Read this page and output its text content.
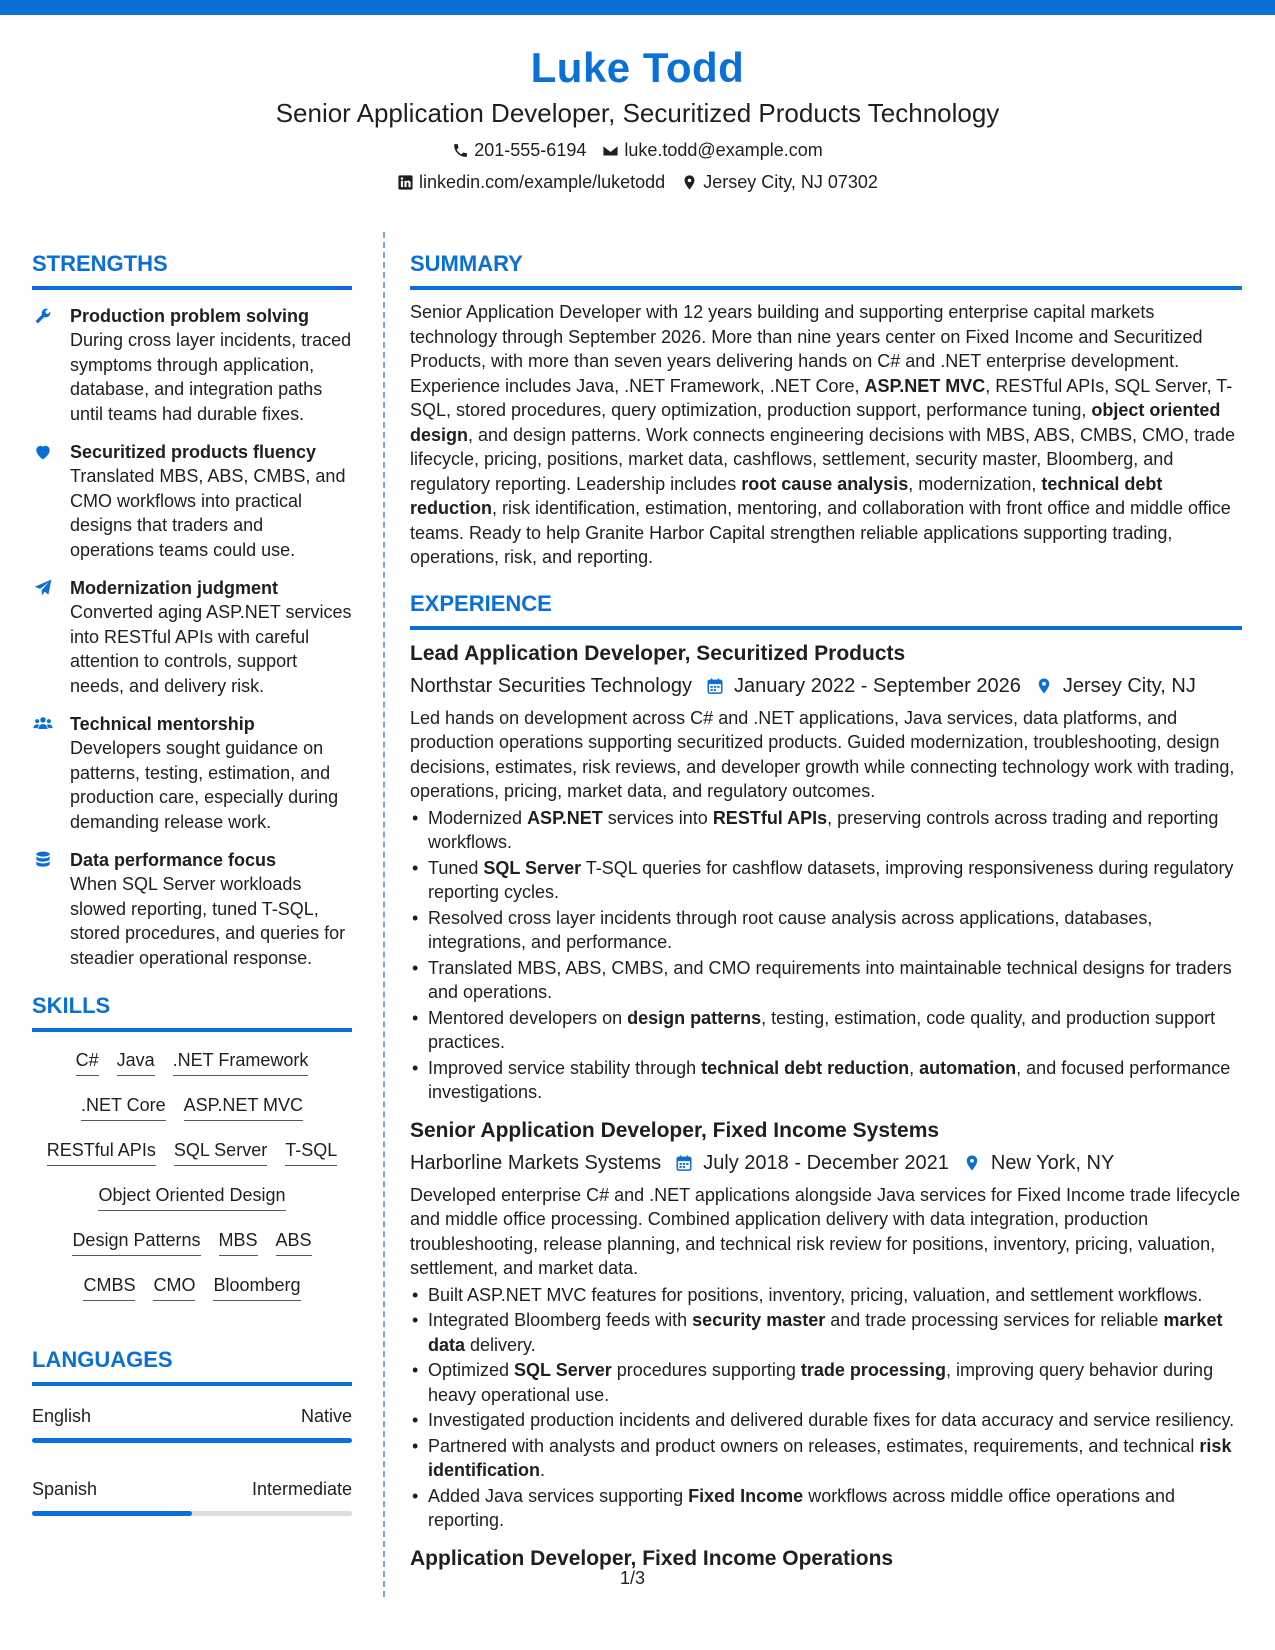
Luke Todd
Senior Application Developer, Securitized Products Technology
201-555-6194 luke.todd@example.com
linkedin.com/example/luketodd Jersey City, NJ 07302
STRENGTHS
Production problem solving
During cross layer incidents, traced symptoms through application, database, and integration paths until teams had durable fixes.
Securitized products fluency
Translated MBS, ABS, CMBS, and CMO workflows into practical designs that traders and operations teams could use.
Modernization judgment
Converted aging ASP.NET services into RESTful APIs with careful attention to controls, support needs, and delivery risk.
Technical mentorship
Developers sought guidance on patterns, testing, estimation, and production care, especially during demanding release work.
Data performance focus
When SQL Server workloads slowed reporting, tuned T-SQL, stored procedures, and queries for steadier operational response.
SKILLS
C# Java .NET Framework
.NET Core ASP.NET MVC
RESTful APIs SQL Server T-SQL
Object Oriented Design
Design Patterns MBS ABS
CMBS CMO Bloomberg
LANGUAGES
English	Native
Spanish	Intermediate
SUMMARY
Senior Application Developer with 12 years building and supporting enterprise capital markets technology through September 2026. More than nine years center on Fixed Income and Securitized Products, with more than seven years delivering hands on C# and .NET enterprise development. Experience includes Java, .NET Framework, .NET Core, ASP.NET MVC, RESTful APIs, SQL Server, T-SQL, stored procedures, query optimization, production support, performance tuning, object oriented design, and design patterns. Work connects engineering decisions with MBS, ABS, CMBS, CMO, trade lifecycle, pricing, positions, market data, cashflows, settlement, security master, Bloomberg, and regulatory reporting. Leadership includes root cause analysis, modernization, technical debt reduction, risk identification, estimation, mentoring, and collaboration with front office and middle office teams. Ready to help Granite Harbor Capital strengthen reliable applications supporting trading, operations, risk, and reporting.
EXPERIENCE
Lead Application Developer, Securitized Products
Northstar Securities Technology January 2022 - September 2026 Jersey City, NJ
Led hands on development across C# and .NET applications, Java services, data platforms, and production operations supporting securitized products. Guided modernization, troubleshooting, design decisions, estimates, risk reviews, and developer growth while connecting technology work with trading, operations, pricing, market data, and regulatory outcomes.
• Modernized ASP.NET services into RESTful APIs, preserving controls across trading and reporting workflows.
• Tuned SQL Server T-SQL queries for cashflow datasets, improving responsiveness during regulatory reporting cycles.
• Resolved cross layer incidents through root cause analysis across applications, databases, integrations, and performance.
• Translated MBS, ABS, CMBS, and CMO requirements into maintainable technical designs for traders and operations.
• Mentored developers on design patterns, testing, estimation, code quality, and production support practices.
• Improved service stability through technical debt reduction, automation, and focused performance investigations.
Senior Application Developer, Fixed Income Systems
Harborline Markets Systems July 2018 - December 2021 New York, NY
Developed enterprise C# and .NET applications alongside Java services for Fixed Income trade lifecycle and middle office processing. Combined application delivery with data integration, production troubleshooting, release planning, and technical risk review for positions, inventory, pricing, valuation, settlement, and market data.
• Built ASP.NET MVC features for positions, inventory, pricing, valuation, and settlement workflows.
• Integrated Bloomberg feeds with security master and trade processing services for reliable market data delivery.
• Optimized SQL Server procedures supporting trade processing, improving query behavior during heavy operational use.
• Investigated production incidents and delivered durable fixes for data accuracy and service resiliency.
• Partnered with analysts and product owners on releases, estimates, requirements, and technical risk identification.
• Added Java services supporting Fixed Income workflows across middle office operations and reporting.
Application Developer, Fixed Income Operations
1/3
